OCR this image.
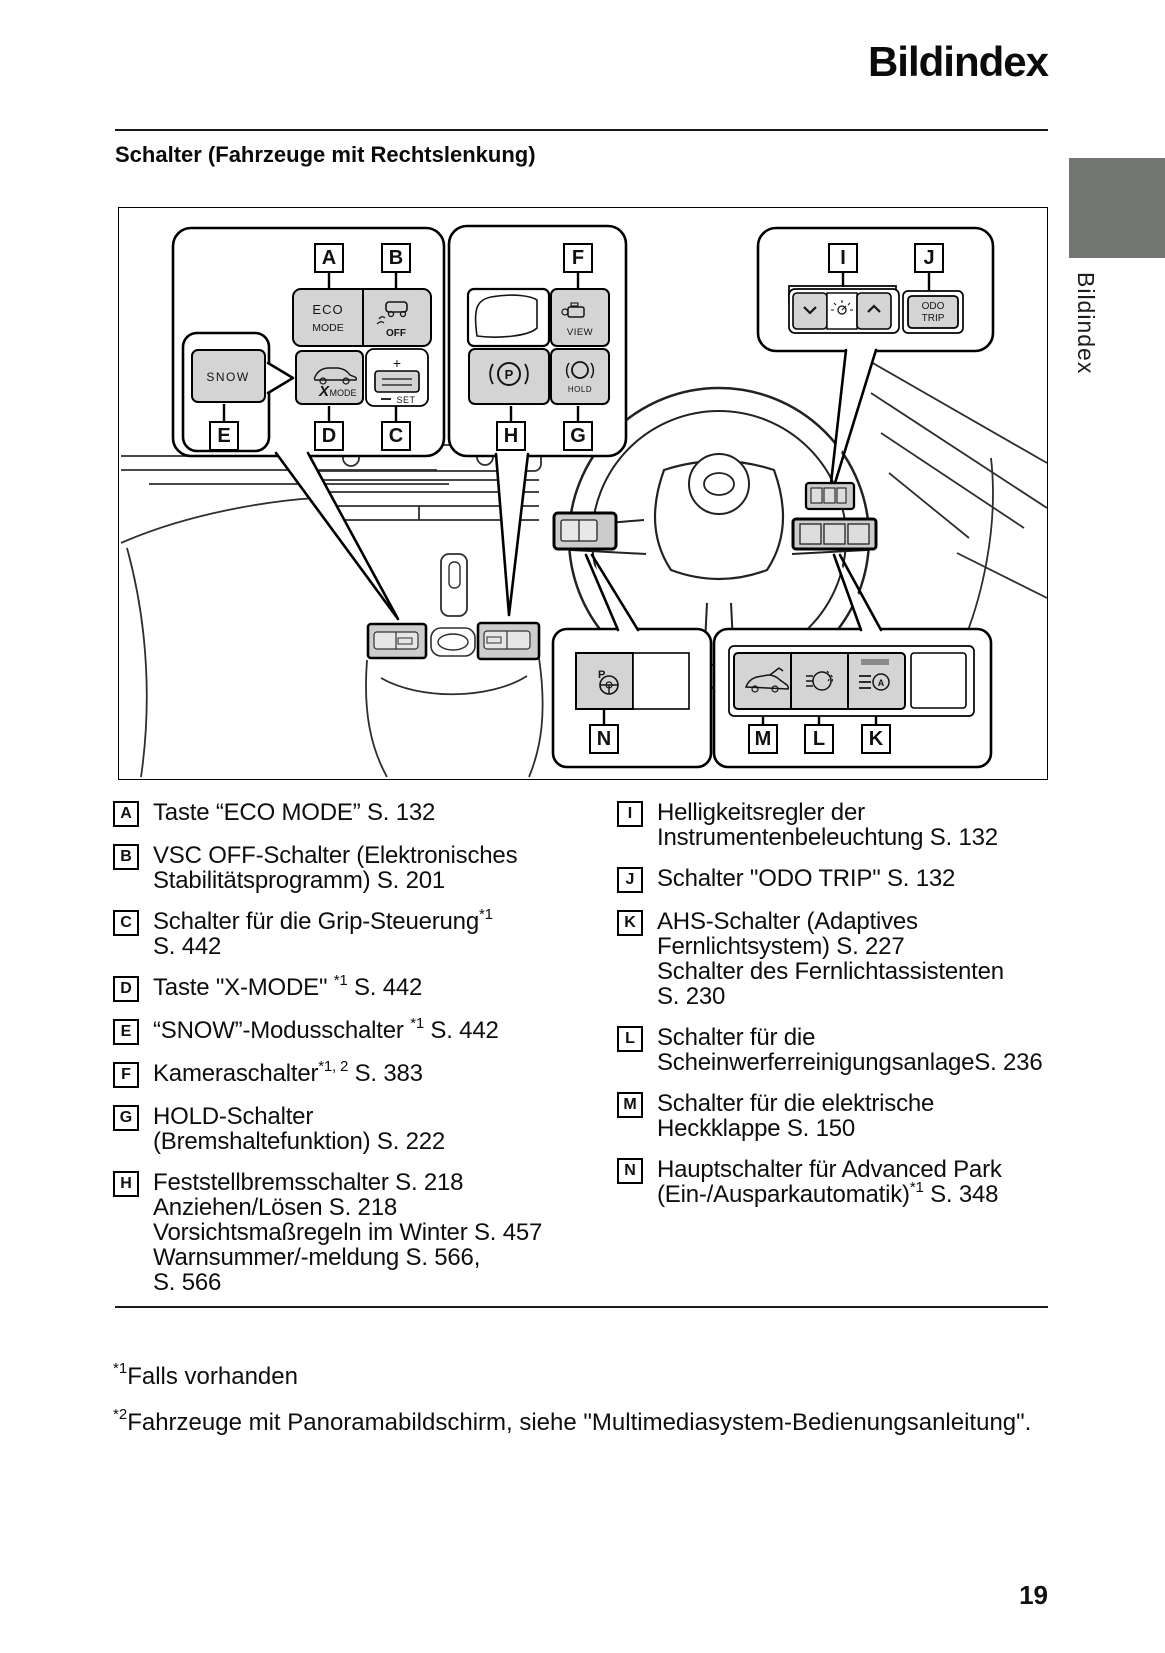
Bildindex
Schalter (Fahrzeuge mit Rechtslenkung)
Bildindex
ECO
MODE	OFF
X MODE
+
SET
SNOW
VIEW
P
HOLD
ODO
TRIP
P
A
A	B
C
D
E
F
G
H
I	J
K
L
M
N
A Taste “ECO MODE” S. 132
B VSC OFF-Schalter (Elektronisches
Stabilitätsprogramm) S. 201
C Schalter für die Grip-Steuerung$^{*1}$
S. 442
D Taste "X-MODE" $^{*1}$ S. 442
E “SNOW”-Modusschalter $^{*1}$ S. 442
F Kameraschalter$^{*1, 2}$ S. 383
G HOLD-Schalter
(Bremshaltefunktion) S. 222
H Feststellbremsschalter S. 218
Anziehen/Lösen S. 218
Vorsichtsmaßregeln im Winter S. 457
Warnsummer/-meldung S. 566,
S. 566
I	Helligkeitsregler der
Instrumentenbeleuchtung S. 132
J Schalter "ODO TRIP" S. 132
K AHS-Schalter (Adaptives
Fernlichtsystem) S. 227
Schalter des Fernlichtassistenten
S. 230
L Schalter für die
ScheinwerferreinigungsanlageS. 236
M Schalter für die elektrische
Heckklappe S. 150
N Hauptschalter für Advanced Park
(Ein-/Ausparkautomatik)$^{*1}$ S. 348
$^{*1}$Falls vorhanden
$^{*2}$Fahrzeuge mit Panoramabildschirm, siehe "Multimediasystem-Bedienungsanleitung".
19
